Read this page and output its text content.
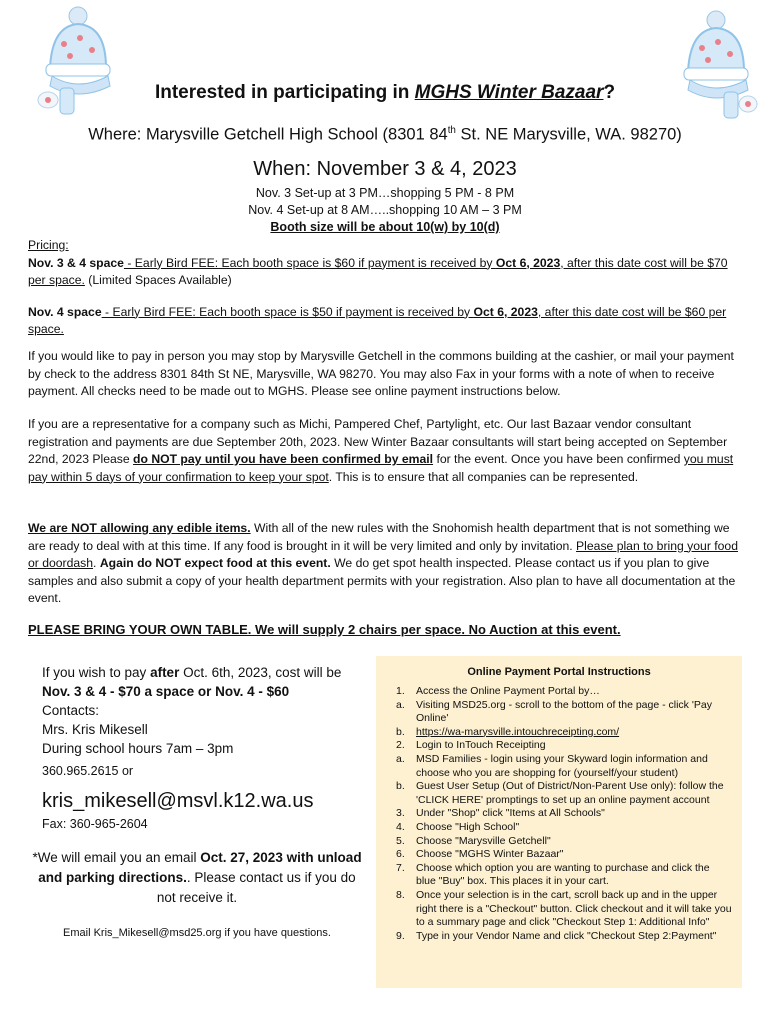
Interested in participating in MGHS Winter Bazaar?
Where: Marysville Getchell High School (8301 84th St. NE Marysville, WA. 98270)
When: November 3 & 4, 2023
Nov. 3 Set-up at 3 PM…shopping 5 PM - 8 PM
Nov. 4 Set-up at 8 AM…..shopping 10 AM – 3 PM
Booth size will be about 10(w) by 10(d)

Pricing:

Nov. 3 & 4 space - Early Bird FEE: Each booth space is $60 if payment is received by Oct 6, 2023, after this date cost will be $70 per space. (Limited Spaces Available)

Nov. 4 space - Early Bird FEE: Each booth space is $50 if payment is received by Oct 6, 2023, after this date cost will be $60 per space.

If you would like to pay in person you may stop by Marysville Getchell in the commons building at the cashier, or mail your payment by check to the address 8301 84th St NE, Marysville, WA 98270. You may also Fax in your forms with a note of when to receive payment. All checks need to be made out to MGHS. Please see online payment instructions below.
If you are a representative for a company such as Michi, Pampered Chef, Partylight, etc. Our last Bazaar vendor consultant registration and payments are due September 20th, 2023. New Winter Bazaar consultants will start being accepted on September 22nd, 2023 Please do NOT pay until you have been confirmed by email for the event. Once you have been confirmed you must pay within 5 days of your confirmation to keep your spot. This is to ensure that all companies can be represented.
We are NOT allowing any edible items. With all of the new rules with the Snohomish health department that is not something we are ready to deal with at this time. If any food is brought in it will be very limited and only by invitation. Please plan to bring your food or doordash. Again do NOT expect food at this event. We do get spot health inspected. Please contact us if you plan to give samples and also submit a copy of your health department permits with your registration. Also plan to have all documentation at the event.
PLEASE BRING YOUR OWN TABLE. We will supply 2 chairs per space. No Auction at this event.
If you wish to pay after Oct. 6th, 2023, cost will be
Nov. 3 & 4 - $70 a space or Nov. 4 - $60
Contacts:
Mrs. Kris Mikesell
During school hours 7am – 3pm
360.965.2615 or
kris_mikesell@msvl.k12.wa.us
Fax: 360-965-2604
*We will email you an email Oct. 27, 2023 with unload and parking directions.. Please contact us if you do not receive it.
Email Kris_Mikesell@msd25.org if you have questions.
Online Payment Portal Instructions
1. Access the Online Payment Portal by…
a. Visiting MSD25.org - scroll to the bottom of the page - click 'Pay Online'
b. https://wa-marysville.intouchreceipting.com/
2. Login to InTouch Receipting
a. MSD Families - login using your Skyward login information and choose who you are shopping for (yourself/your student)
b. Guest User Setup (Out of District/Non-Parent Use only): follow the 'CLICK HERE' promptings to set up an online payment account
3. Under "Shop" click "Items at All Schools"
4. Choose "High School"
5. Choose "Marysville Getchell"
6. Choose "MGHS Winter Bazaar"
7. Choose which option you are wanting to purchase and click the blue "Buy" box. This places it in your cart.
8. Once your selection is in the cart, scroll back up and in the upper right there is a "Checkout" button. Click checkout and it will take you to a summary page and click "Checkout Step 1: Additional Info"
9. Type in your Vendor Name and click "Checkout Step 2:Payment"
